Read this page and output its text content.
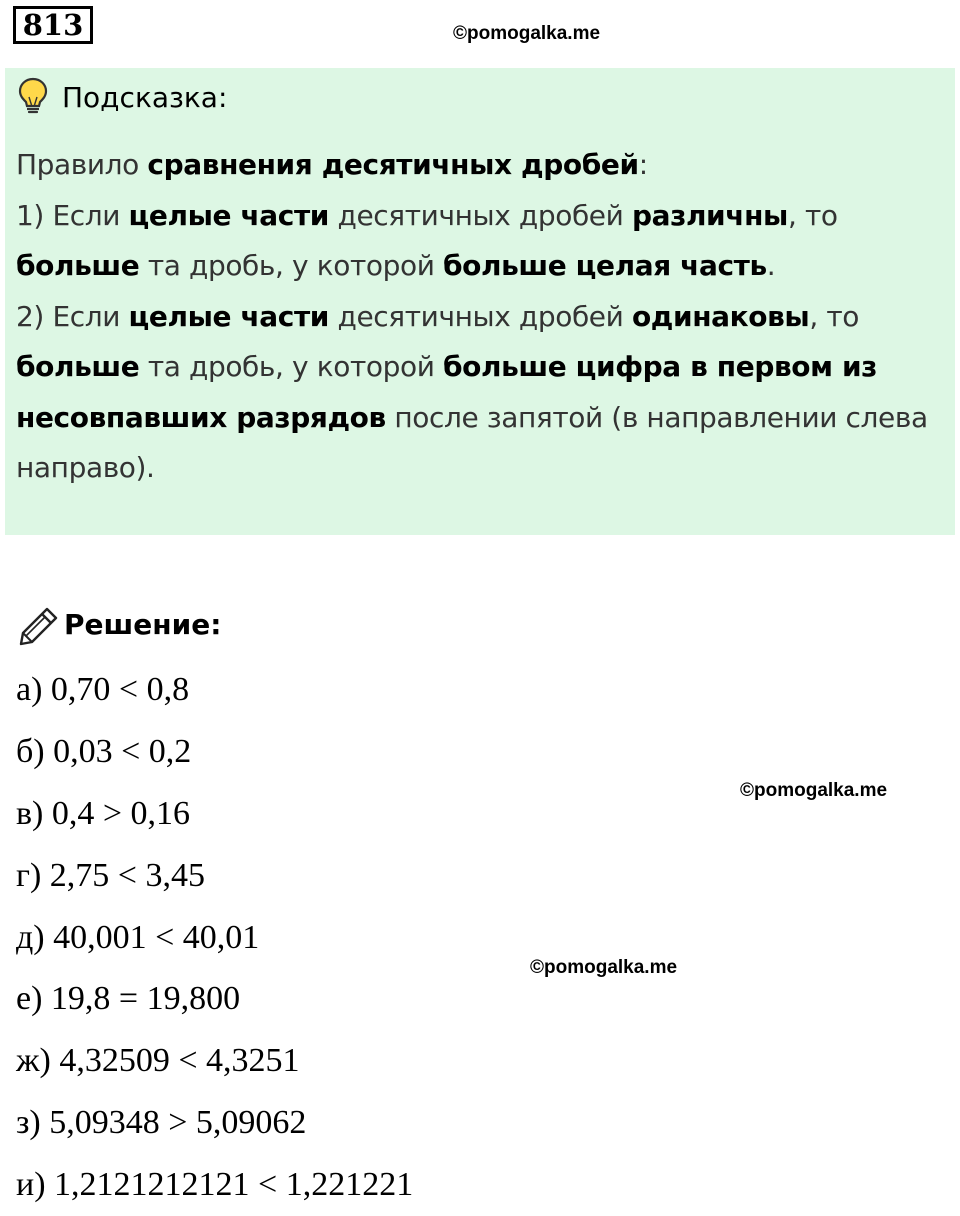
813	©pomogalka.me
Подсказка:
Правило сравнения десятичных дробей:
1) Если целые части десятичных дробей различны, то больше та дробь, у которой больше целая часть.
2) Если целые части десятичных дробей одинаковы, то больше та дробь, у которой больше цифра в первом из несовпавших разрядов после запятой (в направлении слева направо).
Решение:
а) 0,70 < 0,8
б) 0,03 < 0,2
в) 0,4 > 0,16
г) 2,75 < 3,45
д) 40,001 < 40,01
е) 19,8 = 19,800
ж) 4,32509 < 4,3251
з) 5,09348 > 5,09062
и) 1,2121212121 < 1,221221
©pomogalka.me
©pomogalka.me
